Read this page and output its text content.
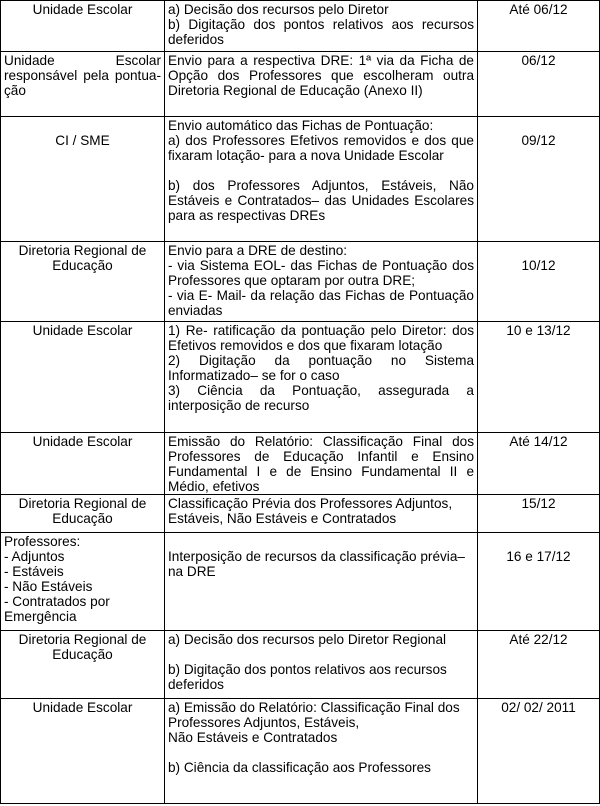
Unidade Escolar	a) Decisão dos recursos pelo Diretor
b) Digitação dos pontos relativos aos recursos deferidos	Até 06/12

Unidade Escolar responsável pela pontua-ção	Envio para a respectiva DRE: 1ª via da Ficha de Opção dos Professores que escolheram outra Diretoria Regional de Educação (Anexo II)	06/12

CI / SME	Envio automático das Fichas de Pontuação:
a) dos Professores Efetivos removidos e dos que fixaram lotação- para a nova Unidade Escolar
b) dos Professores Adjuntos, Estáveis, Não Estáveis e Contratados– das Unidades Escolares para as respectivas DREs	09/12

Diretoria Regional de Educação	Envio para a DRE de destino:
- via Sistema EOL- das Fichas de Pontuação dos Professores que optaram por outra DRE;
- via E- Mail- da relação das Fichas de Pontuação enviadas	10/12

Unidade Escolar	1) Re- ratificação da pontuação pelo Diretor: dos Efetivos removidos e dos que fixaram lotação
2) Digitação da pontuação no Sistema Informatizado– se for o caso
3) Ciência da Pontuação, assegurada a interposição de recurso	10 e 13/12

Unidade Escolar	Emissão do Relatório: Classificação Final dos Professores de Educação Infantil e Ensino Fundamental I e de Ensino Fundamental II e Médio, efetivos	Até 14/12

Diretoria Regional de Educação	Classificação Prévia dos Professores Adjuntos, Estáveis, Não Estáveis e Contratados	15/12

Professores:
- Adjuntos
- Estáveis
- Não Estáveis
- Contratados por Emergência	Interposição de recursos da classificação prévia– na DRE	16 e 17/12

Diretoria Regional de Educação	a) Decisão dos recursos pelo Diretor Regional
b) Digitação dos pontos relativos aos recursos deferidos	Até 22/12

Unidade Escolar	a) Emissão do Relatório: Classificação Final dos Professores Adjuntos, Estáveis,
Não Estáveis e Contratados
b) Ciência da classificação aos Professores	02/ 02/ 2011
